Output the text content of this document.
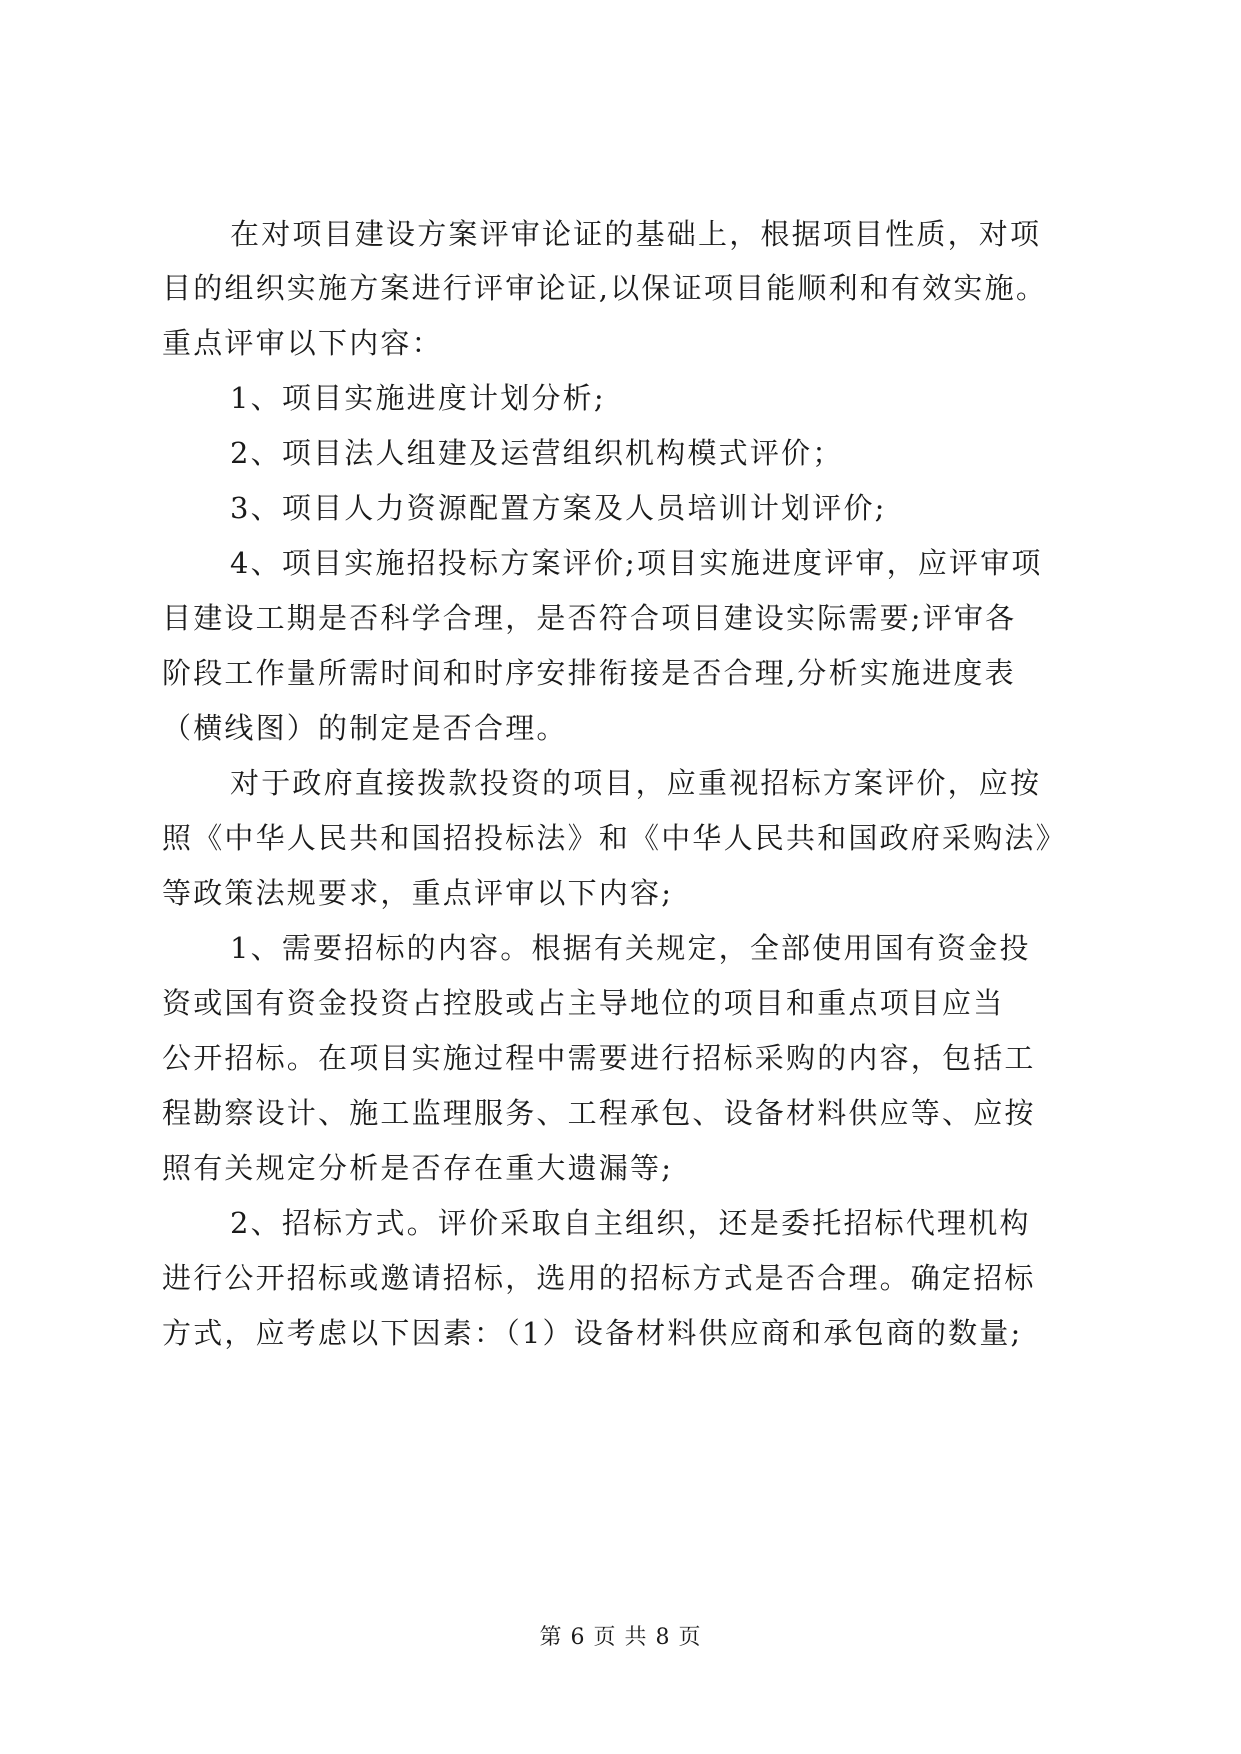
在对项目建设方案评审论证的基础上，根据项目性质，对项
目的组织实施方案进行评审论证,以保证项目能顺利和有效实施。
重点评审以下内容：
1、项目实施进度计划分析;
2、项目法人组建及运营组织机构模式评价；
3、项目人力资源配置方案及人员培训计划评价;
4、项目实施招投标方案评价;项目实施进度评审，应评审项
目建设工期是否科学合理，是否符合项目建设实际需要;评审各
阶段工作量所需时间和时序安排衔接是否合理,分析实施进度表
（横线图）的制定是否合理。
对于政府直接拨款投资的项目，应重视招标方案评价，应按
照《中华人民共和国招投标法》和《中华人民共和国政府采购法》
等政策法规要求，重点评审以下内容;
1、需要招标的内容。根据有关规定，全部使用国有资金投
资或国有资金投资占控股或占主导地位的项目和重点项目应当
公开招标。在项目实施过程中需要进行招标采购的内容，包括工
程勘察设计、施工监理服务、工程承包、设备材料供应等、应按
照有关规定分析是否存在重大遗漏等;
2、招标方式。评价采取自主组织，还是委托招标代理机构
进行公开招标或邀请招标，选用的招标方式是否合理。确定招标
方式，应考虑以下因素：（1）设备材料供应商和承包商的数量;
第 6 页 共 8 页
